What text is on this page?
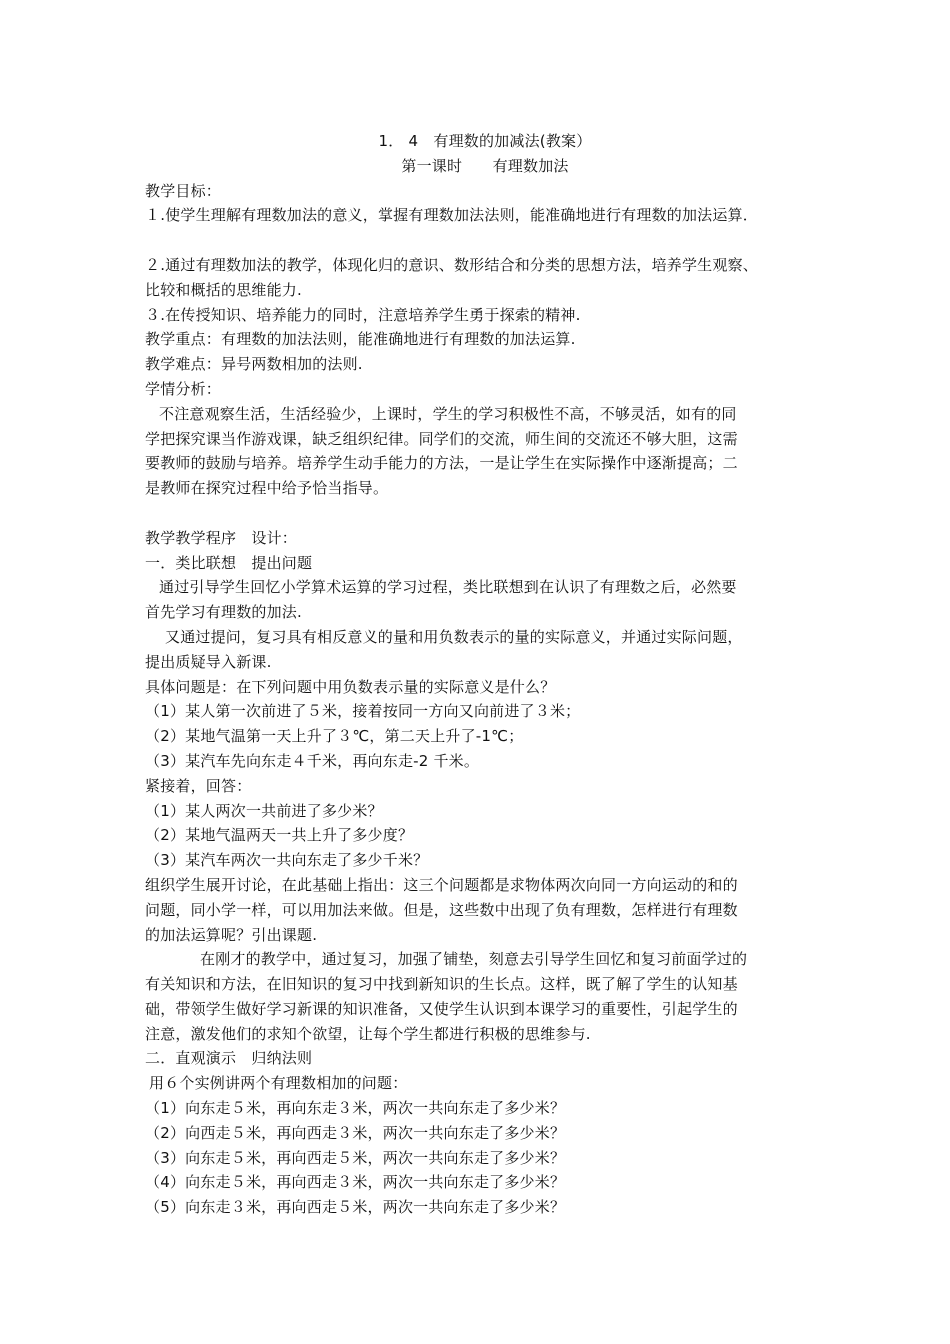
1． 4　有理数的加减法(教案）
第一课时　　有理数加法
教学目标：
１.使学生理解有理数加法的意义，掌握有理数加法法则，能准确地进行有理数的加法运算．
２.通过有理数加法的教学，体现化归的意识、数形结合和分类的思想方法，培养学生观察、
比较和概括的思维能力.
３.在传授知识、培养能力的同时，注意培养学生勇于探索的精神.
教学重点：有理数的加法法则，能准确地进行有理数的加法运算.
教学难点：异号两数相加的法则.
学情分析：
不注意观察生活，生活经验少，上课时，学生的学习积极性不高，不够灵活，如有的同
学把探究课当作游戏课，缺乏组织纪律。同学们的交流，师生间的交流还不够大胆，这需
要教师的鼓励与培养。培养学生动手能力的方法，一是让学生在实际操作中逐渐提高；二
是教师在探究过程中给予恰当指导。
教学教学程序　设计：
一．类比联想　提出问题
通过引导学生回忆小学算术运算的学习过程，类比联想到在认识了有理数之后，必然要
首先学习有理数的加法.
又通过提问，复习具有相反意义的量和用负数表示的量的实际意义，并通过实际问题，
提出质疑导入新课.
具体问题是：在下列问题中用负数表示量的实际意义是什么？
（1）某人第一次前进了５米，接着按同一方向又向前进了３米；
（2）某地气温第一天上升了３℃，第二天上升了-1℃；
（3）某汽车先向东走４千米，再向东走-2 千米。
紧接着，回答：
（1）某人两次一共前进了多少米？
（2）某地气温两天一共上升了多少度？
（3）某汽车两次一共向东走了多少千米？
组织学生展开讨论，在此基础上指出：这三个问题都是求物体两次向同一方向运动的和的
问题，同小学一样，可以用加法来做。但是，这些数中出现了负有理数，怎样进行有理数
的加法运算呢？引出课题.
在刚才的教学中，通过复习，加强了铺垫，刻意去引导学生回忆和复习前面学过的
有关知识和方法，在旧知识的复习中找到新知识的生长点。这样，既了解了学生的认知基
础，带领学生做好学习新课的知识准备，又使学生认识到本课学习的重要性，引起学生的
注意，激发他们的求知个欲望，让每个学生都进行积极的思维参与.
二．直观演示　归纳法则
用６个实例讲两个有理数相加的问题：
（1）向东走５米，再向东走３米，两次一共向东走了多少米？
（2）向西走５米，再向西走３米，两次一共向东走了多少米？
（3）向东走５米，再向西走５米，两次一共向东走了多少米？
（4）向东走５米，再向西走３米，两次一共向东走了多少米？
（5）向东走３米，再向西走５米，两次一共向东走了多少米？
